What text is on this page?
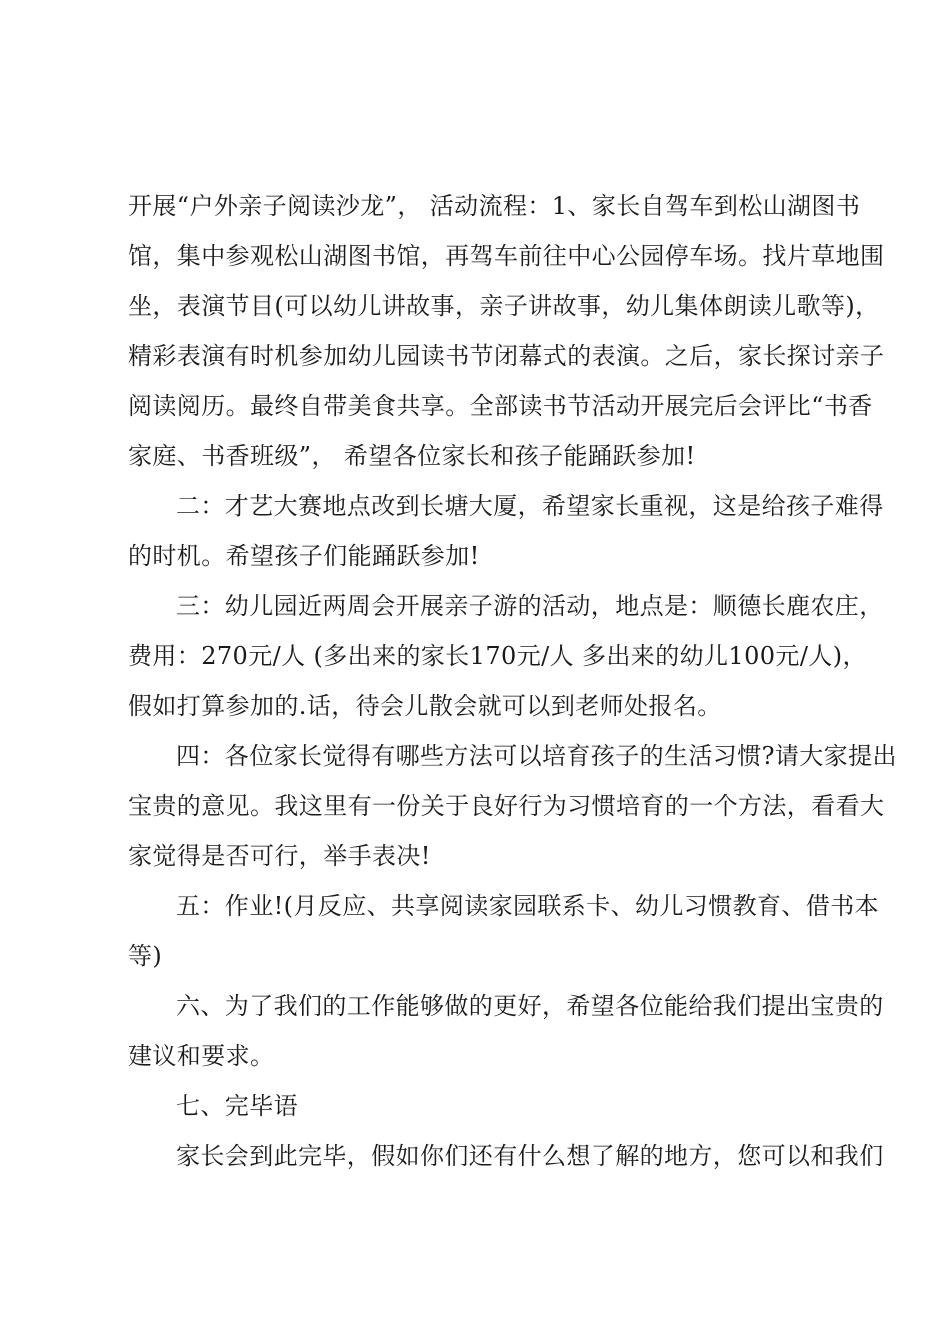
开展“户外亲子阅读沙龙”， 活动流程：1、家长自驾车到松山湖图书
馆，集中参观松山湖图书馆，再驾车前往中心公园停车场。找片草地围
坐，表演节目(可以幼儿讲故事，亲子讲故事，幼儿集体朗读儿歌等)，
精彩表演有时机参加幼儿园读书节闭幕式的表演。之后，家长探讨亲子
阅读阅历。最终自带美食共享。全部读书节活动开展完后会评比“书香
家庭、书香班级”， 希望各位家长和孩子能踊跃参加!
二：才艺大赛地点改到长塘大厦，希望家长重视，这是给孩子难得
的时机。希望孩子们能踊跃参加!
三：幼儿园近两周会开展亲子游的活动，地点是：顺德长鹿农庄，
费用：270元/人 (多出来的家长170元/人 多出来的幼儿100元/人)，
假如打算参加的.话，待会儿散会就可以到老师处报名。
四：各位家长觉得有哪些方法可以培育孩子的生活习惯?请大家提出
宝贵的意见。我这里有一份关于良好行为习惯培育的一个方法，看看大
家觉得是否可行，举手表决!
五：作业!(月反应、共享阅读家园联系卡、幼儿习惯教育、借书本
等)
六、为了我们的工作能够做的更好，希望各位能给我们提出宝贵的
建议和要求。
七、完毕语
家长会到此完毕，假如你们还有什么想了解的地方，您可以和我们
